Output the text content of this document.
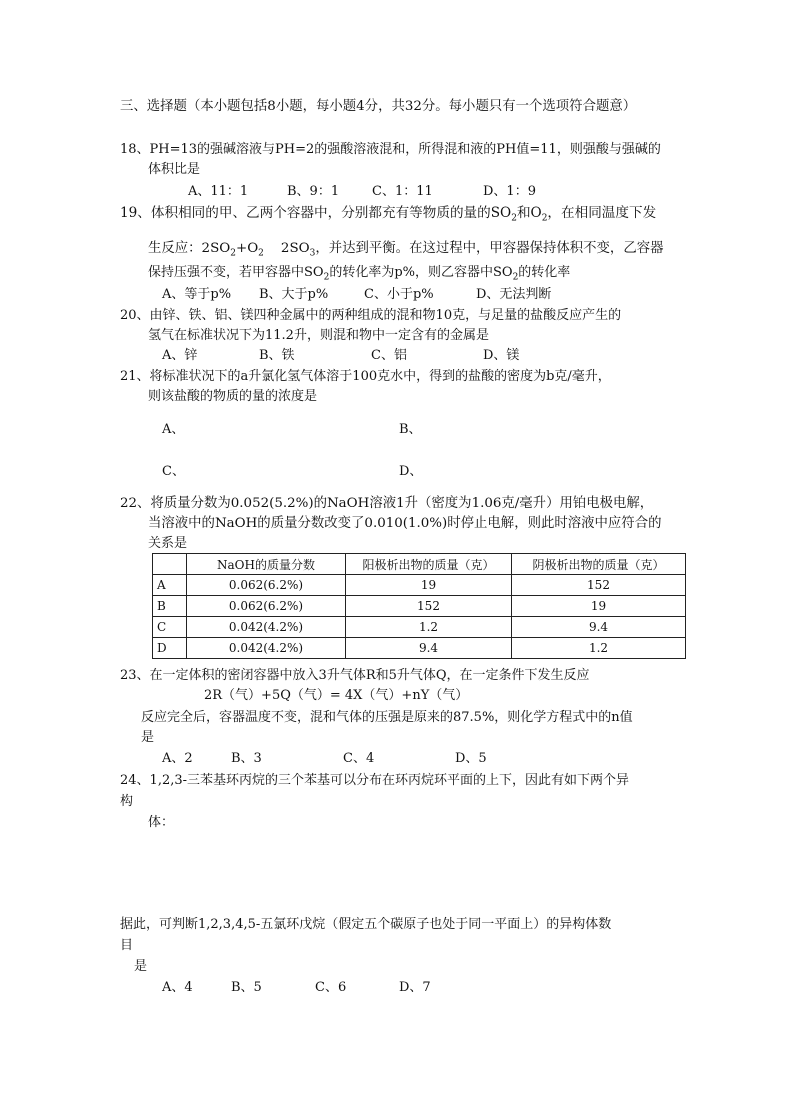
三、选择题（本小题包括8小题，每小题4分，共32分。每小题只有一个选项符合题意）
18、PH=13的强碱溶液与PH=2的强酸溶液混和，所得混和液的PH值=11，则强酸与强碱的
体积比是
A、11：1	B、9：1	C、1：11	D、1：9
19、体积相同的甲、乙两个容器中，分别都充有等物质的量的$SO_2$和$O_2$，在相同温度下发
生反应：$2SO_2+O_2$    $2SO_3$，并达到平衡。在这过程中，甲容器保持体积不变，乙容器
保持压强不变，若甲容器中$SO_2$的转化率为p%，则乙容器中$SO_2$的转化率
A、等于p% B、大于p%	C、小于p%	D、无法判断
20、由锌、铁、铝、镁四种金属中的两种组成的混和物10克，与足量的盐酸反应产生的
氢气在标准状况下为11.2升，则混和物中一定含有的金属是
A、锌	B、铁	C、铝	D、镁
21、将标准状况下的a升氯化氢气体溶于100克水中，得到的盐酸的密度为b克/毫升，
则该盐酸的物质的量的浓度是
A、	B、
C、	D、
22、将质量分数为0.052(5.2%)的NaOH溶液1升（密度为1.06克/毫升）用铂电极电解，
当溶液中的NaOH的质量分数改变了0.010(1.0%)时停止电解，则此时溶液中应符合的
关系是
	NaOH的质量分数	阳极析出物的质量（克）	阴极析出物的质量（克）
A	0.062(6.2%)	19	152
B	0.062(6.2%)	152	19
C	0.042(4.2%)	1.2	9.4
D	0.042(4.2%)	9.4	1.2
23、在一定体积的密闭容器中放入3升气体R和5升气体Q，在一定条件下发生反应
2R（气）+5Q（气）= 4X（气）+nY（气）
反应完全后，容器温度不变，混和气体的压强是原来的87.5%，则化学方程式中的n值
是
A、2	B、3	C、4	D、5
24、1,2,3-三苯基环丙烷的三个苯基可以分布在环丙烷环平面的上下，因此有如下两个异
构
体：
据此，可判断1,2,3,4,5-五氯环戊烷（假定五个碳原子也处于同一平面上）的异构体数
目
是
A、4	B、5	C、6	D、7
